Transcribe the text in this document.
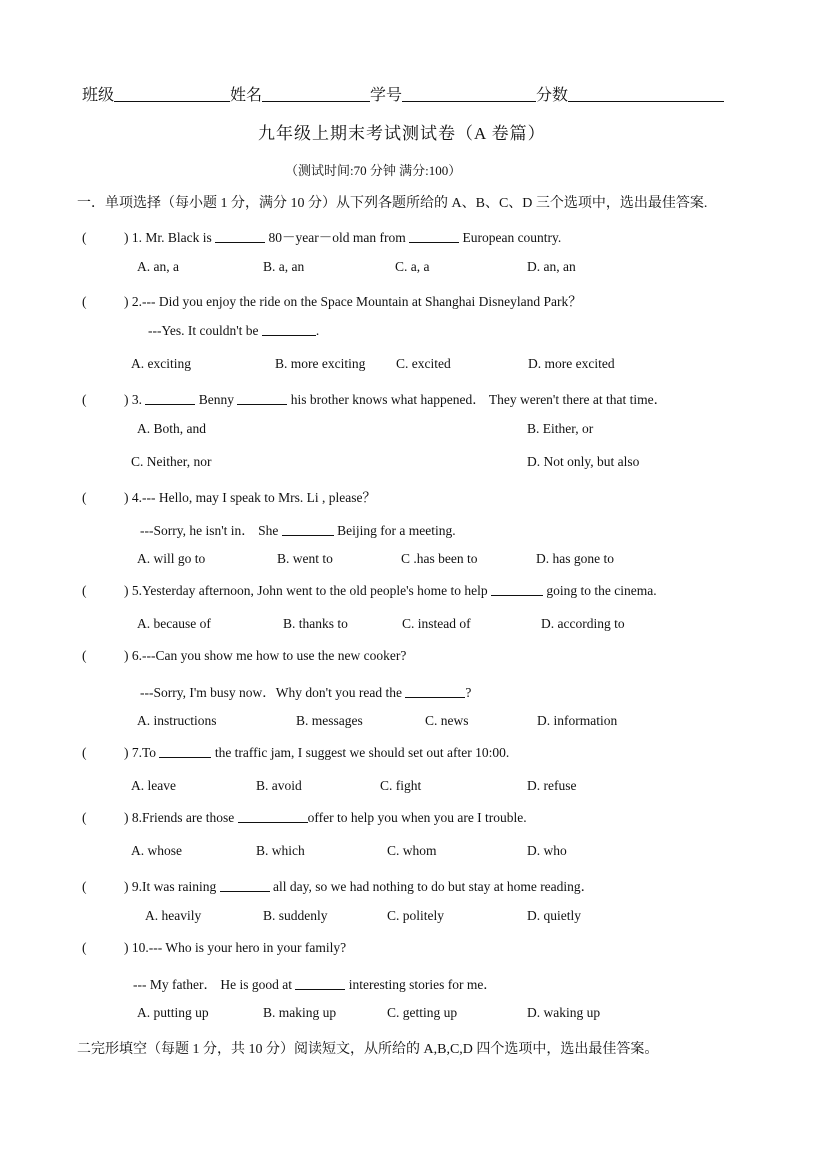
班级	姓名	学号	分数
九年级上期末考试测试卷（A 卷篇）
（测试时间:70 分钟 满分:100）
一．单项选择（每小题 1 分，满分 10 分）从下列各题所给的 A、B、C、D 三个选项中，选出最佳答案.
(	) 1. Mr. Black is	80－year－old man from	European country.
A. an, a	B. a, an	C. a, a	D. an, an
(	) 2.--- Did you enjoy the ride on the Space Mountain at Shanghai Disneyland Park？
---Yes. It couldn't be	.
A. exciting	B. more exciting C. excited	D. more excited
(	) 3.	Benny	his brother knows what happened． They weren't there at that time．
A. Both, and	B. Either, or
C. Neither, nor	D. Not only, but also
(	) 4.--- Hello, may I speak to Mrs. Li , please？
---Sorry, he isn't in． She	Beijing for a meeting.
A. will go to	B. went to	C .has been to	D. has gone to
(	) 5.Yesterday afternoon, John went to the old people's home to help	going to the cinema.
A. because of	B. thanks to	C. instead of	D. according to
(	) 6.---Can you show me how to use the new cooker?
---Sorry, I'm busy now．Why don't you read the	?
A. instructions	B. messages	C. news	D. information
(	) 7.To	the traffic jam, I suggest we should set out after 10:00.
A. leave	B. avoid	C. fight	D. refuse
(	) 8.Friends are those	offer to help you when you are I trouble.
A. whose	B. which	C. whom	D. who
(	) 9.It was raining	all day, so we had nothing to do but stay at home reading．
A. heavily	B. suddenly	C. politely	D. quietly
(	) 10.--- Who is your hero in your family?
--- My father． He is good at	interesting stories for me．
A. putting up	B. making up	C. getting up	D. waking up
二完形填空（每题 1 分，共 10 分）阅读短文，从所给的 A,B,C,D 四个选项中，选出最佳答案。
